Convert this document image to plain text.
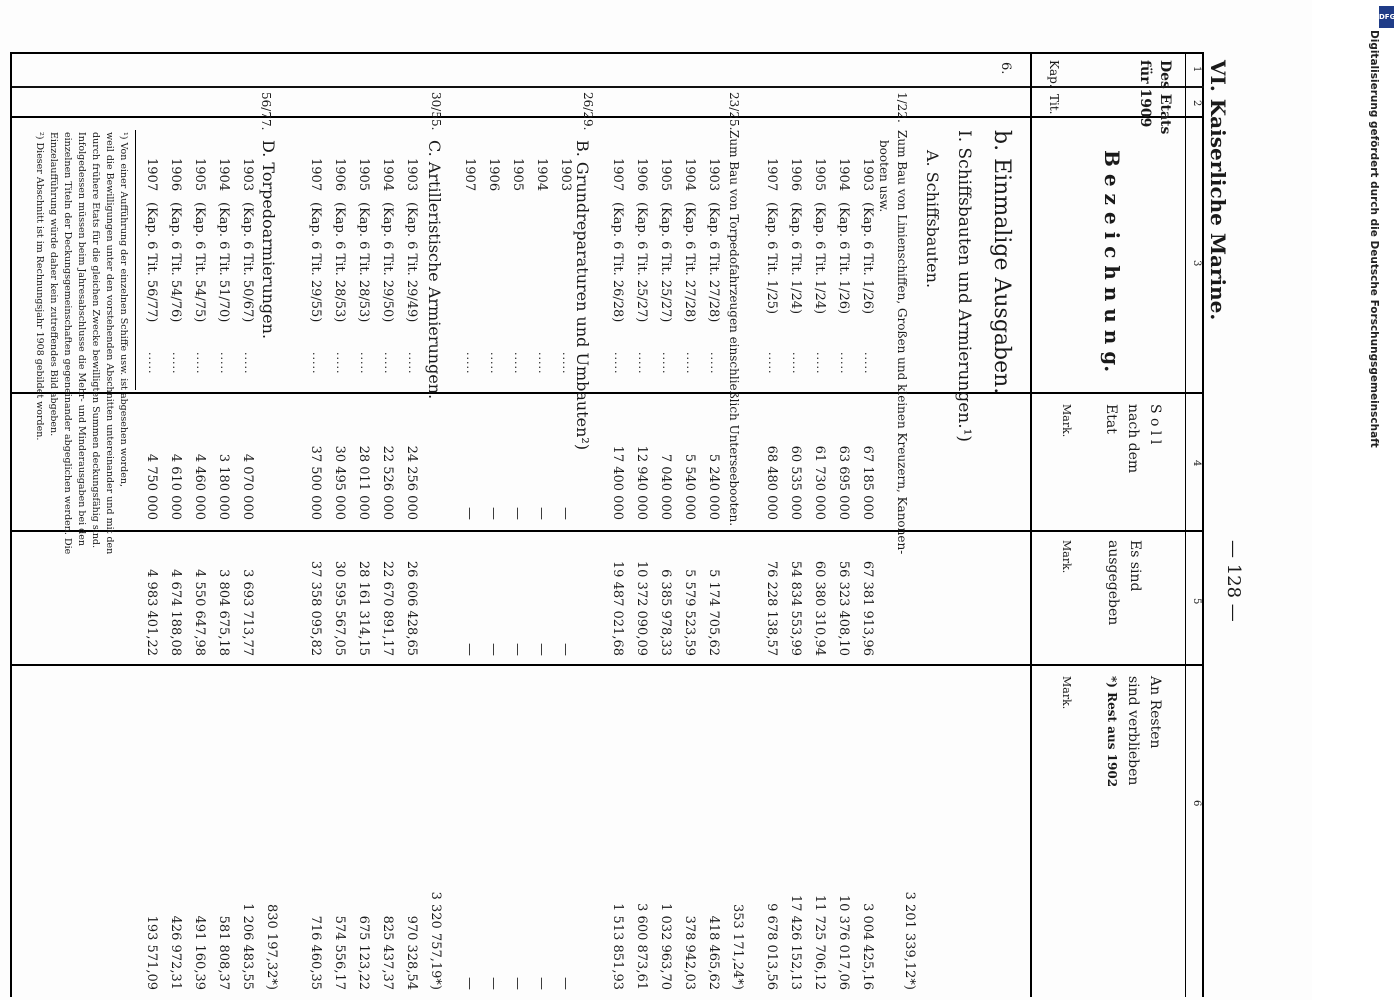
VI. Kaiserliche Marine.
— 128 —
1
2
3
4
5
6
Des Etats
für 1909
Kap.
Tit.
B e z e i c h n u n g.
S o l l
nach dem
Etat
Mark.
Es sind
ausgegeben
Mark.
An Resten
sind verblieben
*) Rest aus 1902
Mark.
6.
b. Einmalige Ausgaben.
I. Schiffsbauten und Armierungen.¹)
A. Schiffsbauten.
1/22.
Zum Bau von Linienschiffen, Großen und kleinen Kreuzern, Kanonen-
booten usw.
3 201 339,12*)
1903
(Kap. 6 Tit. 1/26)
.....
67 185 000
67 381 913,96
3 004 425,16
1904
(Kap. 6 Tit. 1/26)
.....
63 695 000
56 323 408,10
10 376 017,06
1905
(Kap. 6 Tit. 1/24)
.....
61 730 000
60 380 310,94
11 725 706,12
1906
(Kap. 6 Tit. 1/24)
.....
60 535 000
54 834 553,99
17 426 152,13
1907
(Kap. 6 Tit. 1/25)
.....
68 480 000
76 228 138,57
9 678 013,56
23/25.
Zum Bau von Torpedofahrzeugen einschließlich Unterseebooten.
353 171,24*)
1903
(Kap. 6 Tit. 27/28)
.....
5 240 000
5 174 705,62
418 465,62
1904
(Kap. 6 Tit. 27/28)
.....
5 540 000
5 579 523,59
378 942,03
1905
(Kap. 6 Tit. 25/27)
.....
7 040 000
6 385 978,33
1 032 963,70
1906
(Kap. 6 Tit. 25/27)
.....
12 940 000
10 372 090,09
3 600 873,61
1907
(Kap. 6 Tit. 26/28)
.....
17 400 000
19 487 021,68
1 513 851,93
B. Grundreparaturen und Umbauten²)
26/29.
1903
.....
—
—
—
1904
.....
—
—
—
1905
.....
—
—
—
1906
.....
—
—
—
1907
.....
—
—
—
C. Artilleristische Armierungen.
30/55.
3 320 757,19*)
1903
(Kap. 6 Tit. 29/49)
.....
24 256 000
26 606 428,65
970 328,54
1904
(Kap. 6 Tit. 29/50)
.....
22 526 000
22 670 891,17
825 437,37
1905
(Kap. 6 Tit. 28/53)
.....
28 011 000
28 161 314,15
675 123,22
1906
(Kap. 6 Tit. 28/53)
.....
30 495 000
30 595 567,05
574 556,17
1907
(Kap. 6 Tit. 29/55)
.....
37 500 000
37 358 095,82
716 460,35
D. Torpedoarmierungen.
56/77.
830 197,32*)
1903
(Kap. 6 Tit. 50/67)
.....
4 070 000
3 693 713,77
1 206 483,55
1904
(Kap. 6 Tit. 51/70)
.....
3 180 000
3 804 675,18
581 808,37
1905
(Kap. 6 Tit. 54/75)
.....
4 460 000
4 550 647,98
491 160,39
1906
(Kap. 6 Tit. 54/76)
.....
4 610 000
4 674 188,08
426 972,31
1907
(Kap. 6 Tit. 56/77)
.....
4 750 000
4 983 401,22
193 571,09
¹) Von einer Aufführung der einzelnen Schiffe usw. ist abgesehen worden,
weil die Bewilligungen unter den vorstehenden Abschnitten untereinander und mit den
durch frühere Etats für die gleichen Zwecke bewilligten Summen deckungsfähig sind.
Infolgedessen müssen beim Jahresabschlusse die Mehr- und Minderausgaben bei den
einzelnen Titeln der Deckungsgemeinschaften gegeneinander abgeglichen werden. Die
Einzelaufführung würde daher kein zutreffendes Bild abgeben.
²) Dieser Abschnitt ist im Rechnungsjahr 1908 gebildet worden.
DFG
Digitalisierung gefördert durch die Deutsche Forschungsgemeinschaft
